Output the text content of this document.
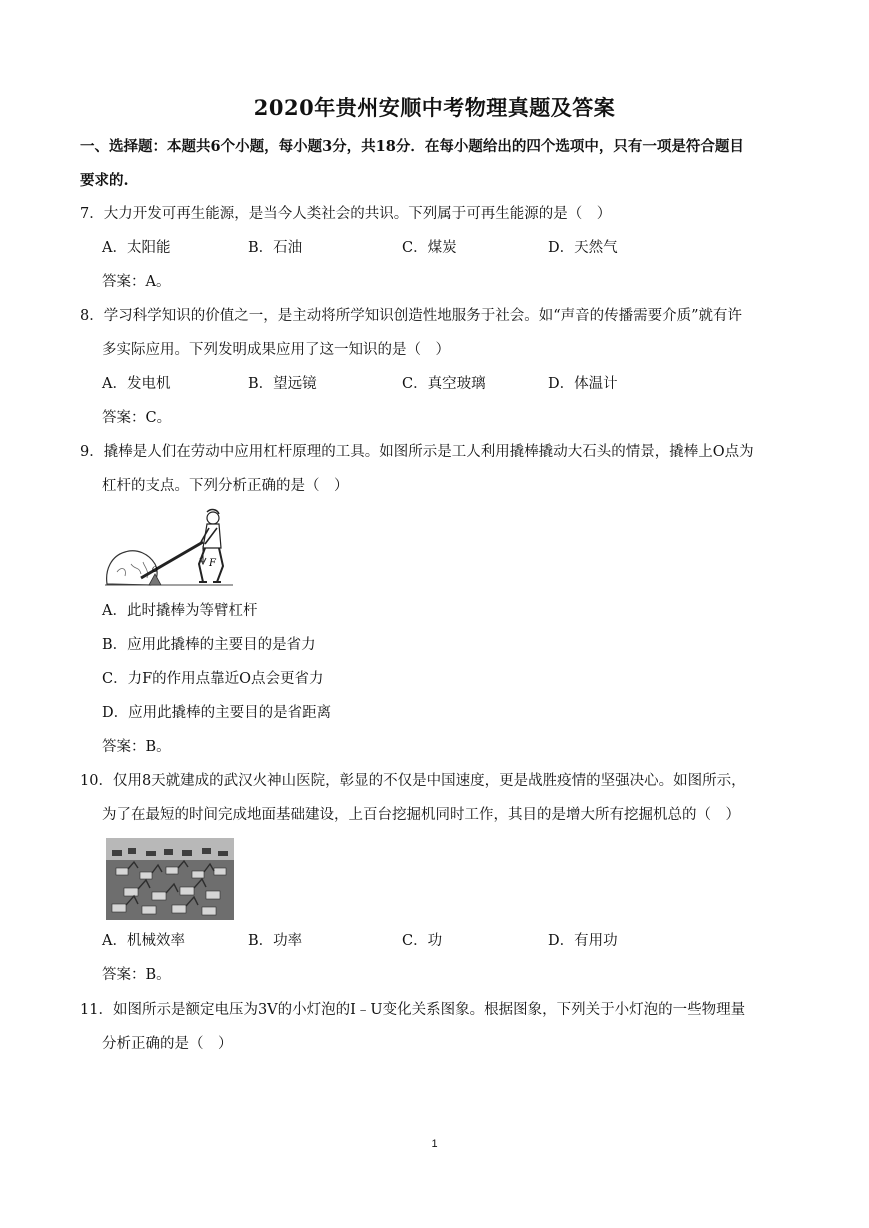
2020年贵州安顺中考物理真题及答案
一、选择题：本题共6个小题，每小题3分，共18分．在每小题给出的四个选项中，只有一项是符合题目
要求的.
7．大力开发可再生能源，是当今人类社会的共识。下列属于可再生能源的是（　）
A．太阳能	B．石油	C．煤炭	D．天然气
答案：A。
8．学习科学知识的价值之一，是主动将所学知识创造性地服务于社会。如“声音的传播需要介质”就有许
多实际应用。下列发明成果应用了这一知识的是（　）
A．发电机	B．望远镜	C．真空玻璃	D．体温计
答案：C。
9．撬棒是人们在劳动中应用杠杆原理的工具。如图所示是工人利用撬棒撬动大石头的情景，撬棒上O点为
杠杆的支点。下列分析正确的是（　）
F
O
A．此时撬棒为等臂杠杆
B．应用此撬棒的主要目的是省力
C．力F的作用点靠近O点会更省力
D．应用此撬棒的主要目的是省距离
答案：B。
10．仅用8天就建成的武汉火神山医院，彰显的不仅是中国速度，更是战胜疫情的坚强决心。如图所示，
为了在最短的时间完成地面基础建设，上百台挖掘机同时工作，其目的是增大所有挖掘机总的（　）
A．机械效率	B．功率	C．功	D．有用功
答案：B。
11．如图所示是额定电压为3V的小灯泡的I﹣U变化关系图象。根据图象，下列关于小灯泡的一些物理量
分析正确的是（　）
1
